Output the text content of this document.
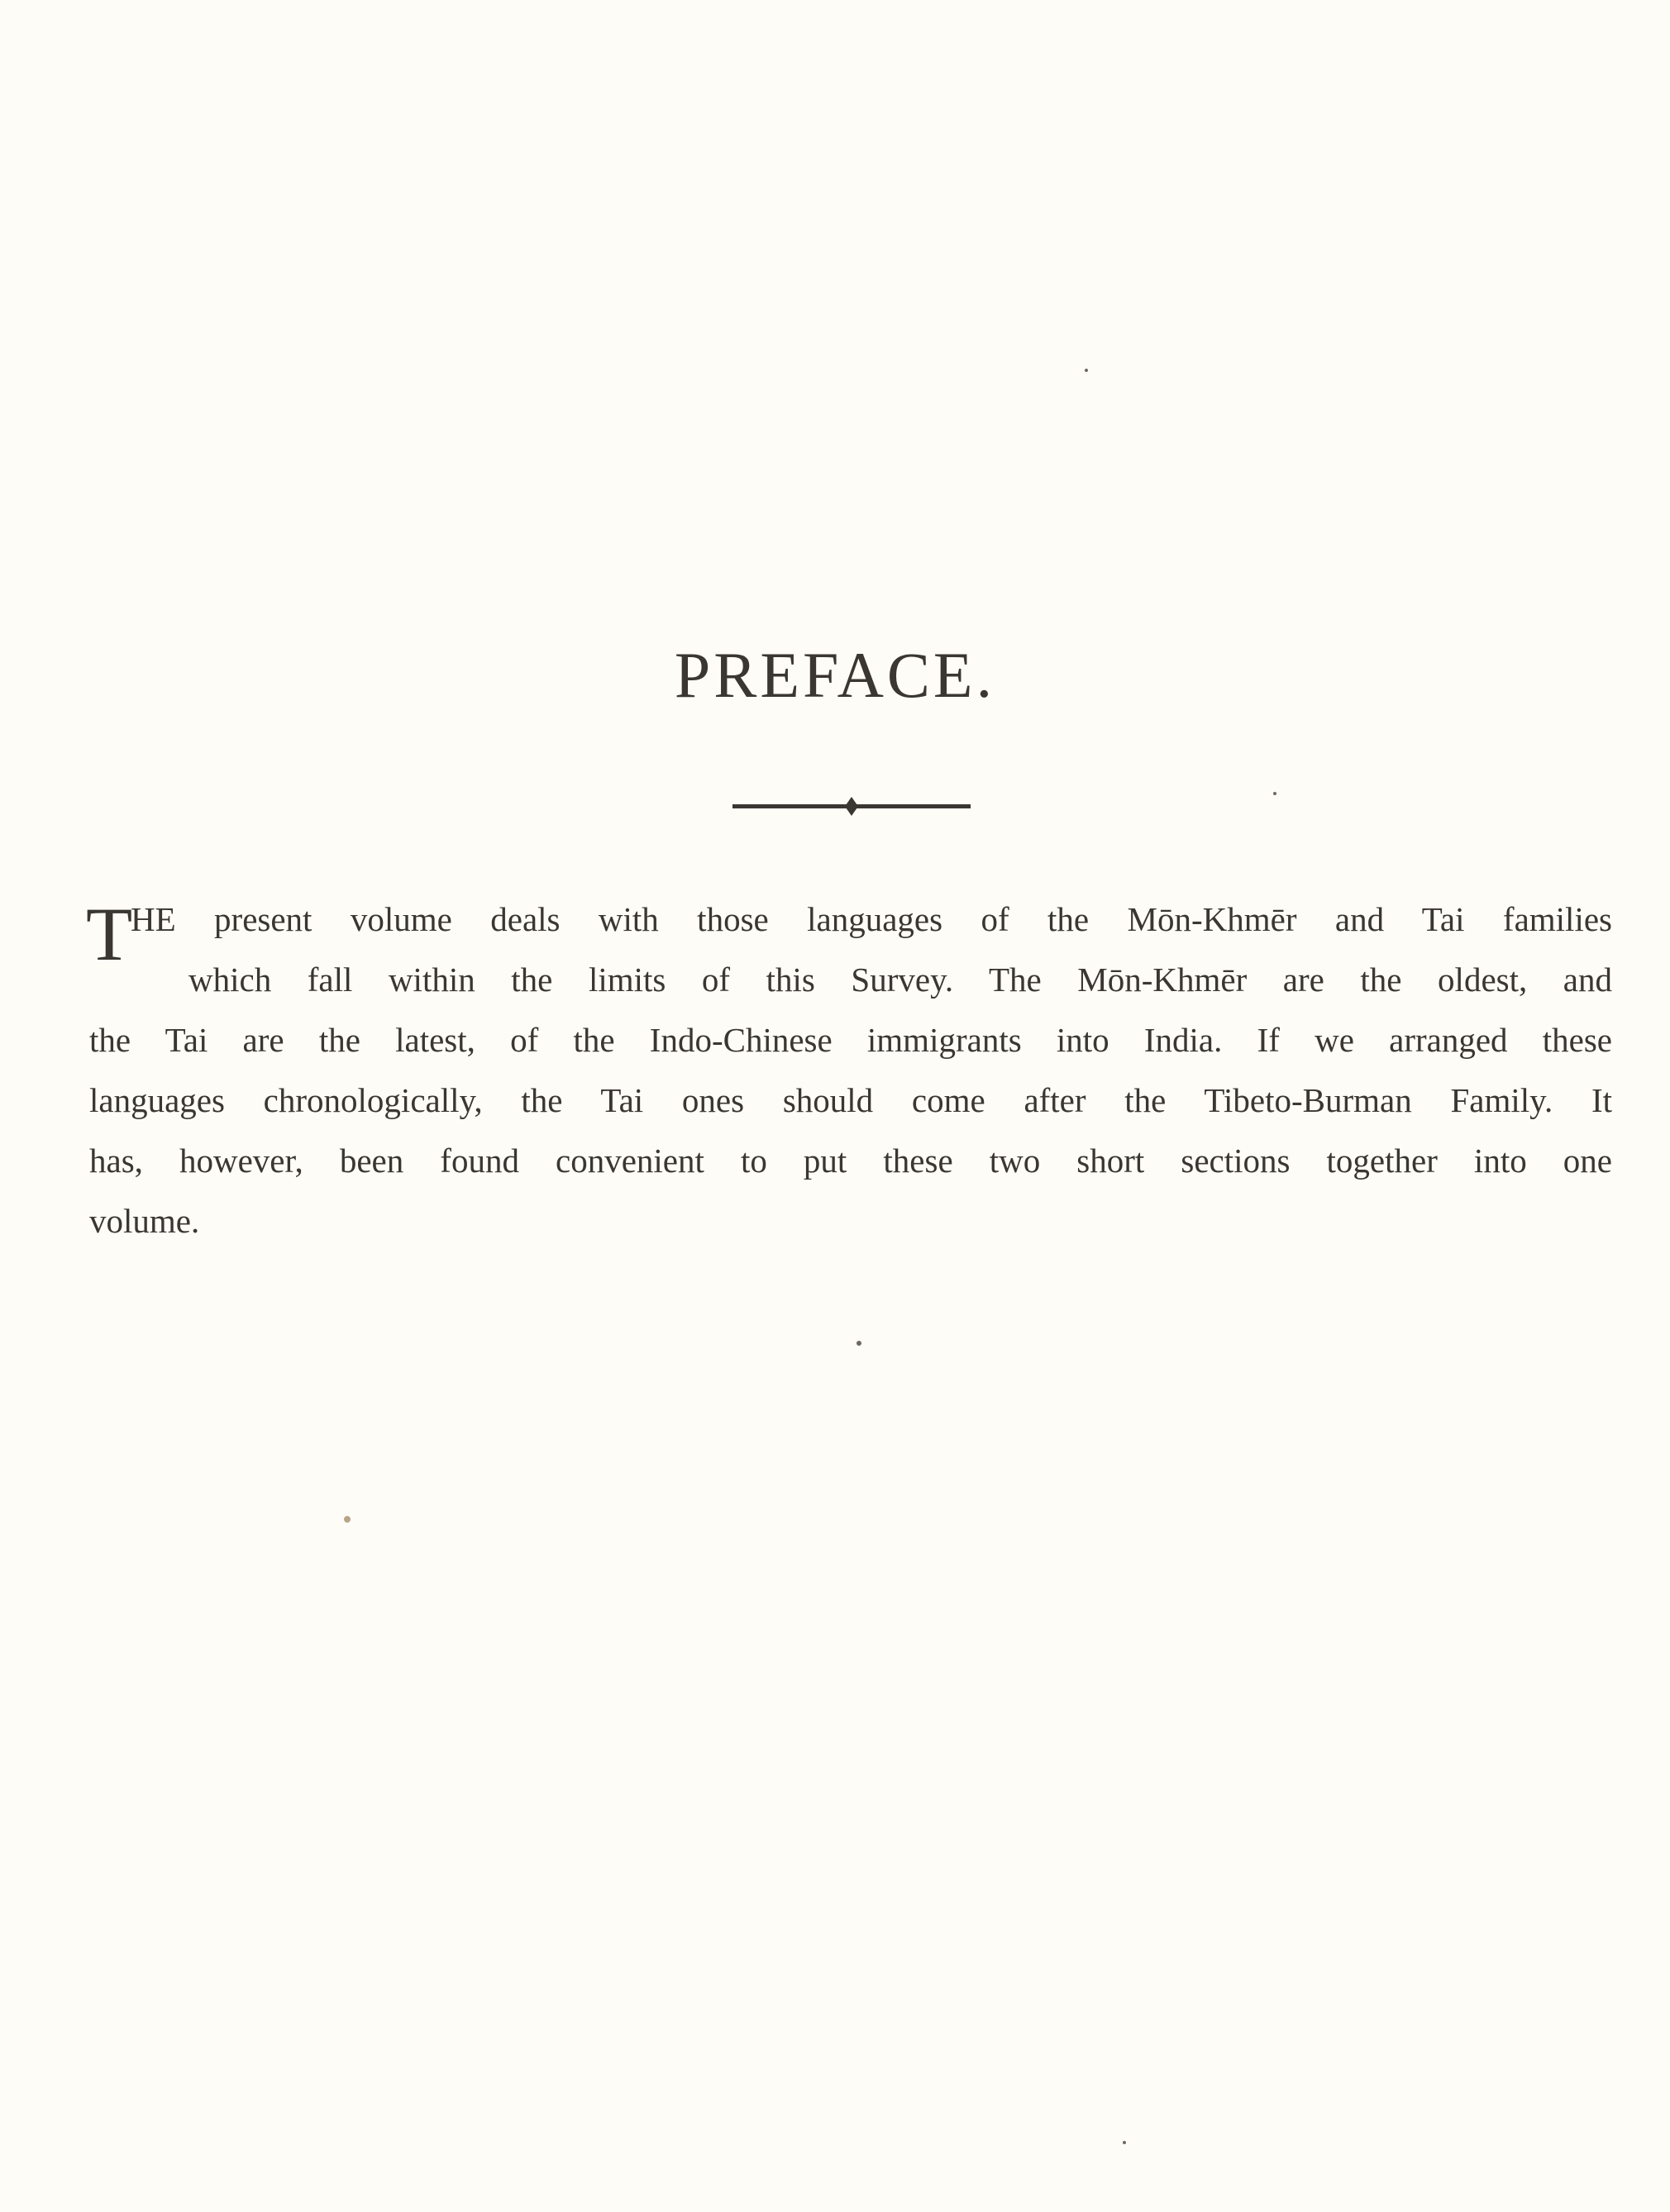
PREFACE.
T
HE present volume deals with those languages of the Mōn-Khmēr and Tai families
which fall within the limits of this Survey. The Mōn-Khmēr are the oldest, and
the Tai are the latest, of the Indo-Chinese immigrants into India. If we arranged these
languages chronologically, the Tai ones should come after the Tibeto-Burman Family. It
has, however, been found convenient to put these two short sections together into one
volume.
